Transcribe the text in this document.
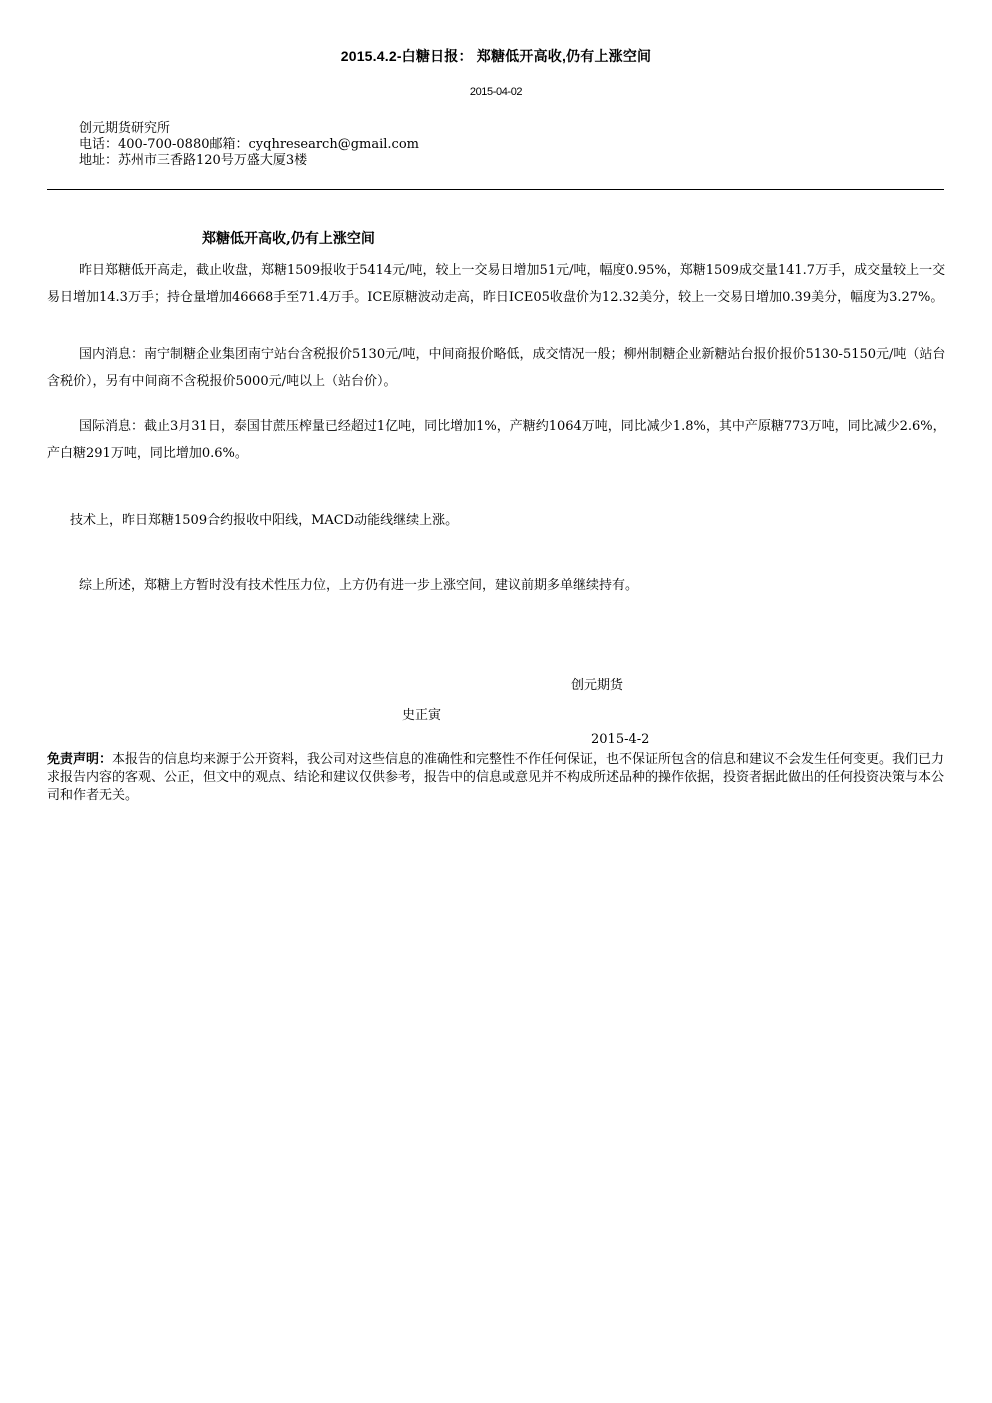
2015.4.2-白糖日报： 郑糖低开高收,仍有上涨空间
2015-04-02
创元期货研究所
电话：400-700-0880邮箱：cyqhresearch@gmail.com
地址：苏州市三香路120号万盛大厦3楼
郑糖低开高收,仍有上涨空间
昨日郑糖低开高走，截止收盘，郑糖1509报收于5414元/吨，较上一交易日增加51元/吨，幅度0.95%，郑糖1509成交量141.7万手，成交量较上一交易日增加14.3万手；持仓量增加46668手至71.4万手。ICE原糖波动走高，昨日ICE05收盘价为12.32美分，较上一交易日增加0.39美分，幅度为3.27%。
国内消息：南宁制糖企业集团南宁站台含税报价5130元/吨，中间商报价略低，成交情况一般；柳州制糖企业新糖站台报价报价5130-5150元/吨（站台含税价），另有中间商不含税报价5000元/吨以上（站台价）。
国际消息：截止3月31日，泰国甘蔗压榨量已经超过1亿吨，同比增加1%，产糖约1064万吨，同比减少1.8%，其中产原糖773万吨，同比减少2.6%，产白糖291万吨，同比增加0.6%。
技术上，昨日郑糖1509合约报收中阳线，MACD动能线继续上涨。
综上所述，郑糖上方暂时没有技术性压力位，上方仍有进一步上涨空间，建议前期多单继续持有。
创元期货
史正寅
2015-4-2
免责声明：本报告的信息均来源于公开资料，我公司对这些信息的准确性和完整性不作任何保证，也不保证所包含的信息和建议不会发生任何变更。我们已力求报告内容的客观、公正，但文中的观点、结论和建议仅供参考，报告中的信息或意见并不构成所述品种的操作依据，投资者据此做出的任何投资决策与本公司和作者无关。
